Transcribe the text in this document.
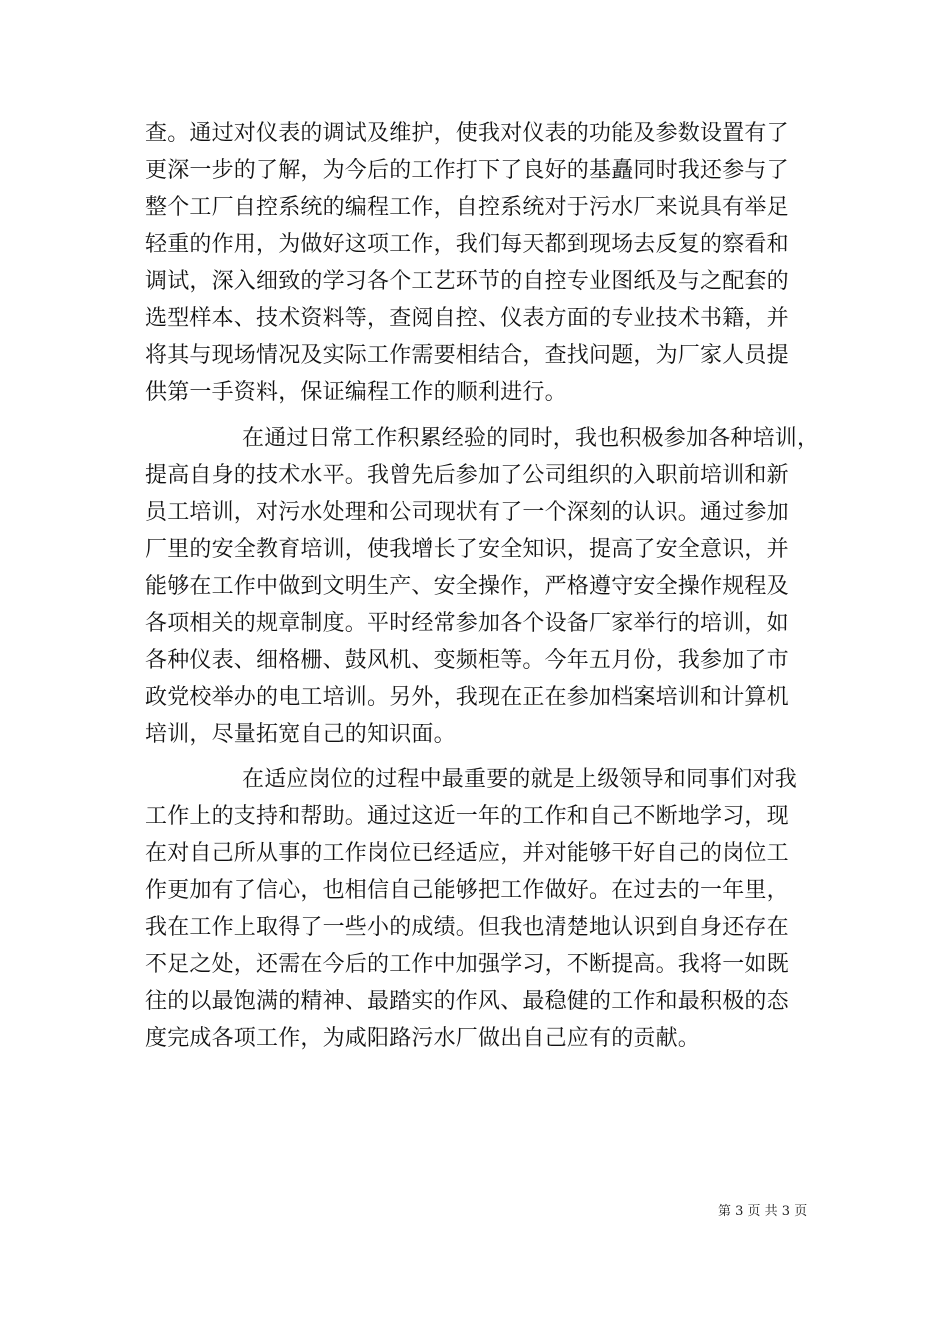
查。通过对仪表的调试及维护，使我对仪表的功能及参数设置有了
更深一步的了解，为今后的工作打下了良好的基矗同时我还参与了
整个工厂自控系统的编程工作，自控系统对于污水厂来说具有举足
轻重的作用，为做好这项工作，我们每天都到现场去反复的察看和
调试，深入细致的学习各个工艺环节的自控专业图纸及与之配套的
选型样本、技术资料等，查阅自控、仪表方面的专业技术书籍，并
将其与现场情况及实际工作需要相结合，查找问题，为厂家人员提
供第一手资料，保证编程工作的顺利进行。
在通过日常工作积累经验的同时，我也积极参加各种培训，
提高自身的技术水平。我曾先后参加了公司组织的入职前培训和新
员工培训，对污水处理和公司现状有了一个深刻的认识。通过参加
厂里的安全教育培训，使我增长了安全知识，提高了安全意识，并
能够在工作中做到文明生产、安全操作，严格遵守安全操作规程及
各项相关的规章制度。平时经常参加各个设备厂家举行的培训，如
各种仪表、细格栅、鼓风机、变频柜等。今年五月份，我参加了市
政党校举办的电工培训。另外，我现在正在参加档案培训和计算机
培训，尽量拓宽自己的知识面。
在适应岗位的过程中最重要的就是上级领导和同事们对我
工作上的支持和帮助。通过这近一年的工作和自己不断地学习，现
在对自己所从事的工作岗位已经适应，并对能够干好自己的岗位工
作更加有了信心，也相信自己能够把工作做好。在过去的一年里，
我在工作上取得了一些小的成绩。但我也清楚地认识到自身还存在
不足之处，还需在今后的工作中加强学习，不断提高。我将一如既
往的以最饱满的精神、最踏实的作风、最稳健的工作和最积极的态
度完成各项工作，为咸阳路污水厂做出自己应有的贡献。
第 3 页 共 3 页
